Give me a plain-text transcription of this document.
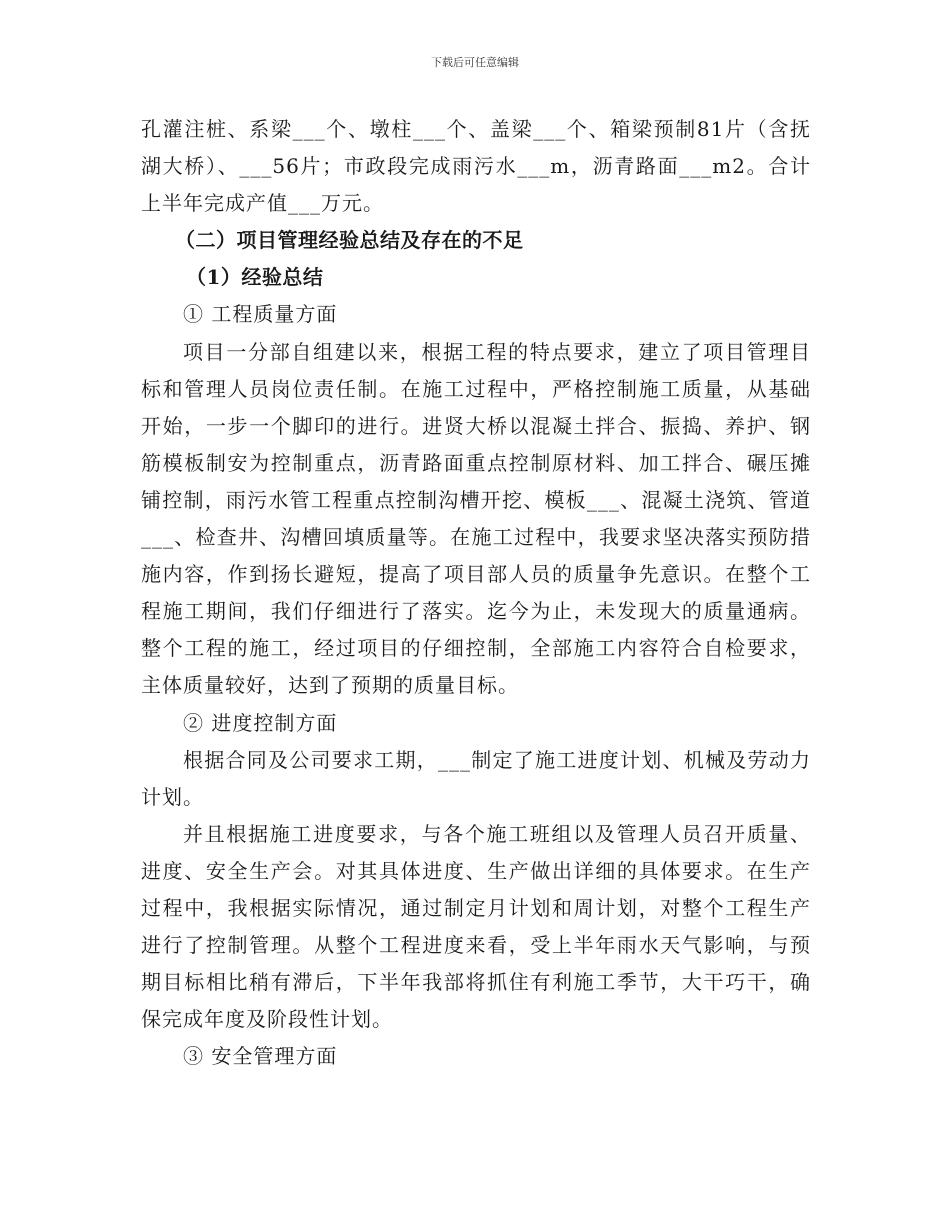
下载后可任意编辑

孔灌注桩、系梁___个、墩柱___个、盖梁___个、箱梁预制81片（含抚湖大桥）、___56片；市政段完成雨污水___m，沥青路面___m2。合计上半年完成产值___万元。

（二）项目管理经验总结及存在的不足

（1）经验总结

① 工程质量方面

项目一分部自组建以来，根据工程的特点要求，建立了项目管理目标和管理人员岗位责任制。在施工过程中，严格控制施工质量，从基础开始，一步一个脚印的进行。进贤大桥以混凝土拌合、振捣、养护、钢筋模板制安为控制重点，沥青路面重点控制原材料、加工拌合、碾压摊铺控制，雨污水管工程重点控制沟槽开挖、模板___、混凝土浇筑、管道___、检查井、沟槽回填质量等。在施工过程中，我要求坚决落实预防措施内容，作到扬长避短，提高了项目部人员的质量争先意识。在整个工程施工期间，我们仔细进行了落实。迄今为止，未发现大的质量通病。整个工程的施工，经过项目的仔细控制，全部施工内容符合自检要求，主体质量较好，达到了预期的质量目标。

② 进度控制方面

根据合同及公司要求工期，___制定了施工进度计划、机械及劳动力计划。

并且根据施工进度要求，与各个施工班组以及管理人员召开质量、进度、安全生产会。对其具体进度、生产做出详细的具体要求。在生产过程中，我根据实际情况，通过制定月计划和周计划，对整个工程生产进行了控制管理。从整个工程进度来看，受上半年雨水天气影响，与预期目标相比稍有滞后，下半年我部将抓住有利施工季节，大干巧干，确保完成年度及阶段性计划。

③ 安全管理方面
